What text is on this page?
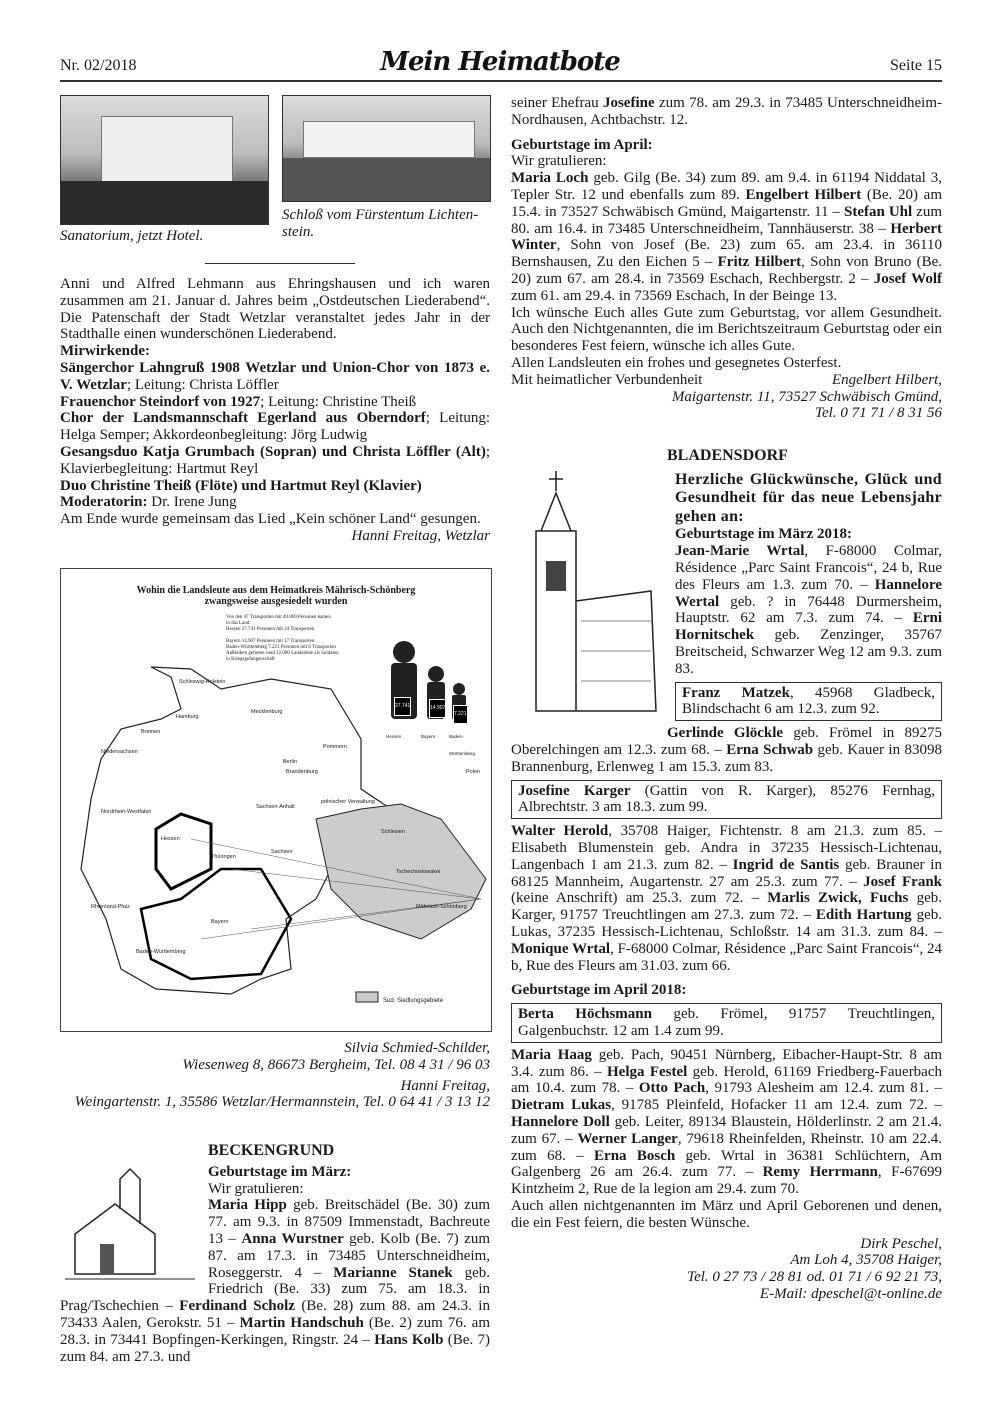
Nr. 02/2018	Mein Heimatbote	Seite 15
Sanatorium, jetzt Hotel.
Schloß vom Fürstentum Lichten-stein.

Anni und Alfred Lehmann aus Ehringshausen und ich waren zusammen am 21. Januar d. Jahres beim „Ostdeutschen Liederabend“. Die Patenschaft der Stadt Wetzlar veranstaltet jedes Jahr in der Stadthalle einen wunderschönen Liederabend.

Mirwirkende:

Sängerchor Lahngruß 1908 Wetzlar und Union-Chor von 1873 e. V. Wetzlar; Leitung: Christa Löffler

Frauenchor Steindorf von 1927; Leitung: Christine Theiß

Chor der Landsmannschaft Egerland aus Oberndorf; Leitung: Helga Semper; Akkordeonbegleitung: Jörg Ludwig

Gesangsduo Katja Grumbach (Sopran) und Christa Löffler (Alt); Klavierbegleitung: Hartmut Reyl

Duo Christine Theiß (Flöte) und Hartmut Reyl (Klavier)

Moderatorin: Dr. Irene Jung

Am Ende wurde gemeinsam das Lied „Kein schöner Land“ gesungen.

Hanni Freitag, Wetzlar
Wohin die Landsleute aus dem Heimatkreis Mährisch-Schönberg
zwangsweise ausgesiedelt wurden
Von den 47 Transporten mit 49.869 Personen kamen
in das Land:
Hessen 27.741 Personen mit 24 Transporten
Bayern 14.907 Personen mit 17 Transporten
Baden-Württemberg 7.221 Personen mit 6 Transporten
Außerdem gerieten rund 12.000 Landsleute als Soldaten
in Kriegsgefangenschaft
27.741
Hessen
14.907
Bayern
7.221
Baden-Württemberg
Schleswig-Holstein
Hamburg
Bremen
Mecklenburg
Niedersachsen
Berlin
Pommern
Brandenburg
Nordrhein-Westfalen
Sachsen-Anhalt
polnischer Verwaltung
Schlesien
Hessen
Thüringen
Sachsen
Rheinland-Pfalz
Bayern
Tschechoslowakei
Mährisch-Schönberg
Baden-Württemberg
Polen
Sud. Siedlungsgebiete
Silvia Schmied-Schilder,
Wiesenweg 8, 86673 Bergheim, Tel. 08 4 31 / 96 03
Hanni Freitag,
Weingartenstr. 1, 35586 Wetzlar/Hermannstein, Tel. 0 64 41 / 3 13 12
BECKENGRUND
Geburtstage im März:
Wir gratulieren:

Maria Hipp geb. Breitschädel (Be. 30) zum 77. am 9.3. in 87509 Immenstadt, Bachreute 13 – Anna Wurstner geb. Kolb (Be. 7) zum 87. am 17.3. in 73485 Unterschneidheim, Roseggerstr. 4 – Marianne Stanek geb. Friedrich (Be. 33) zum 75. am 18.3. in Prag/Tschechien – Ferdinand Scholz (Be. 28) zum 88. am 24.3. in 73433 Aalen, Gerokstr. 51 – Martin Handschuh (Be. 2) zum 76. am 28.3. in 73441 Bopfingen-Kerkingen, Ringstr. 24 – Hans Kolb (Be. 7) zum 84. am 27.3. und

seiner Ehefrau Josefine zum 78. am 29.3. in 73485 Unterschneidheim-Nordhausen, Achtbachstr. 12.

Geburtstage im April:
Wir gratulieren:

Maria Loch geb. Gilg (Be. 34) zum 89. am 9.4. in 61194 Niddatal 3, Tepler Str. 12 und ebenfalls zum 89. Engelbert Hilbert (Be. 20) am 15.4. in 73527 Schwäbisch Gmünd, Maigartenstr. 11 – Stefan Uhl zum 80. am 16.4. in 73485 Unterschneidheim, Tannhäuserstr. 38 – Herbert Winter, Sohn von Josef (Be. 23) zum 65. am 23.4. in 36110 Bernshausen, Zu den Eichen 5 – Fritz Hilbert, Sohn von Bruno (Be. 20) zum 67. am 28.4. in 73569 Eschach, Rechbergstr. 2 – Josef Wolf zum 61. am 29.4. in 73569 Eschach, In der Beinge 13.

Ich wünsche Euch alles Gute zum Geburtstag, vor allem Gesundheit. Auch den Nichtgenannten, die im Berichtszeitraum Geburtstag oder ein besonderes Fest feiern, wünsche ich alles Gute.

Allen Landsleuten ein frohes und gesegnetes Osterfest.

Mit heimatlicher Verbundenheit	Engelbert Hilbert,
Maigartenstr. 11, 73527 Schwäbisch Gmünd,
Tel. 0 71 71 / 8 31 56
BLADENSDORF
Herzliche Glückwünsche, Glück und Gesundheit für das neue Lebensjahr gehen an:
Geburtstage im März 2018:
Jean-Marie Wrtal, F-68000 Colmar, Résidence „Parc Saint Francois“, 24 b, Rue des Fleurs am 1.3. zum 70. – Hannelore Wertal geb. ? in 76448 Durmersheim, Hauptstr. 62 am 7.3. zum 74. – Erni Hornitschek geb. Zenzinger, 35767 Breitscheid, Schwarzer Weg 12 am 9.3. zum 83.
Franz Matzek, 45968 Gladbeck, Blindschacht 6 am 12.3. zum 92.
Gerlinde Glöckle geb. Frömel in 89275 Oberelchingen am 12.3. zum 68. – Erna Schwab geb. Kauer in 83098 Brannenburg, Erlenweg 1 am 15.3. zum 83.
Josefine Karger (Gattin von R. Karger), 85276 Fernhag, Albrechtstr. 3 am 18.3. zum 99.
Walter Herold, 35708 Haiger, Fichtenstr. 8 am 21.3. zum 85. – Elisabeth Blumenstein geb. Andra in 37235 Hessisch-Lichtenau, Langenbach 1 am 21.3. zum 82. – Ingrid de Santis geb. Brauner in 68125 Mannheim, Augartenstr. 27 am 25.3. zum 77. – Josef Frank (keine Anschrift) am 25.3. zum 72. – Marlis Zwick, Fuchs geb. Karger, 91757 Treuchtlingen am 27.3. zum 72. – Edith Hartung geb. Lukas, 37235 Hessisch-Lichtenau, Schloßstr. 14 am 31.3. zum 84. – Monique Wrtal, F-68000 Colmar, Résidence „Parc Saint Francois“, 24 b, Rue des Fleurs am 31.03. zum 66.
Geburtstage im April 2018:
Berta Höchsmann geb. Frömel, 91757 Treuchtlingen, Galgenbuchstr. 12 am 1.4 zum 99.
Maria Haag geb. Pach, 90451 Nürnberg, Eibacher-Haupt-Str. 8 am 3.4. zum 86. – Helga Festel geb. Herold, 61169 Friedberg-Fauerbach am 10.4. zum 78. – Otto Pach, 91793 Alesheim am 12.4. zum 81. – Dietram Lukas, 91785 Pleinfeld, Hofacker 11 am 12.4. zum 72. – Hannelore Doll geb. Leiter, 89134 Blaustein, Hölderlinstr. 2 am 21.4. zum 67. – Werner Langer, 79618 Rheinfelden, Rheinstr. 10 am 22.4. zum 68. – Erna Bosch geb. Wrtal in 36381 Schlüchtern, Am Galgenberg 26 am 26.4. zum 77. – Remy Herrmann, F-67699 Kintzheim 2, Rue de la legion am 29.4. zum 70.
Auch allen nichtgenannten im März und April Geborenen und denen, die ein Fest feiern, die besten Wünsche.
Dirk Peschel,
Am Loh 4, 35708 Haiger,
Tel. 0 27 73 / 28 81 od. 01 71 / 6 92 21 73,
E-Mail: dpeschel@t-online.de
